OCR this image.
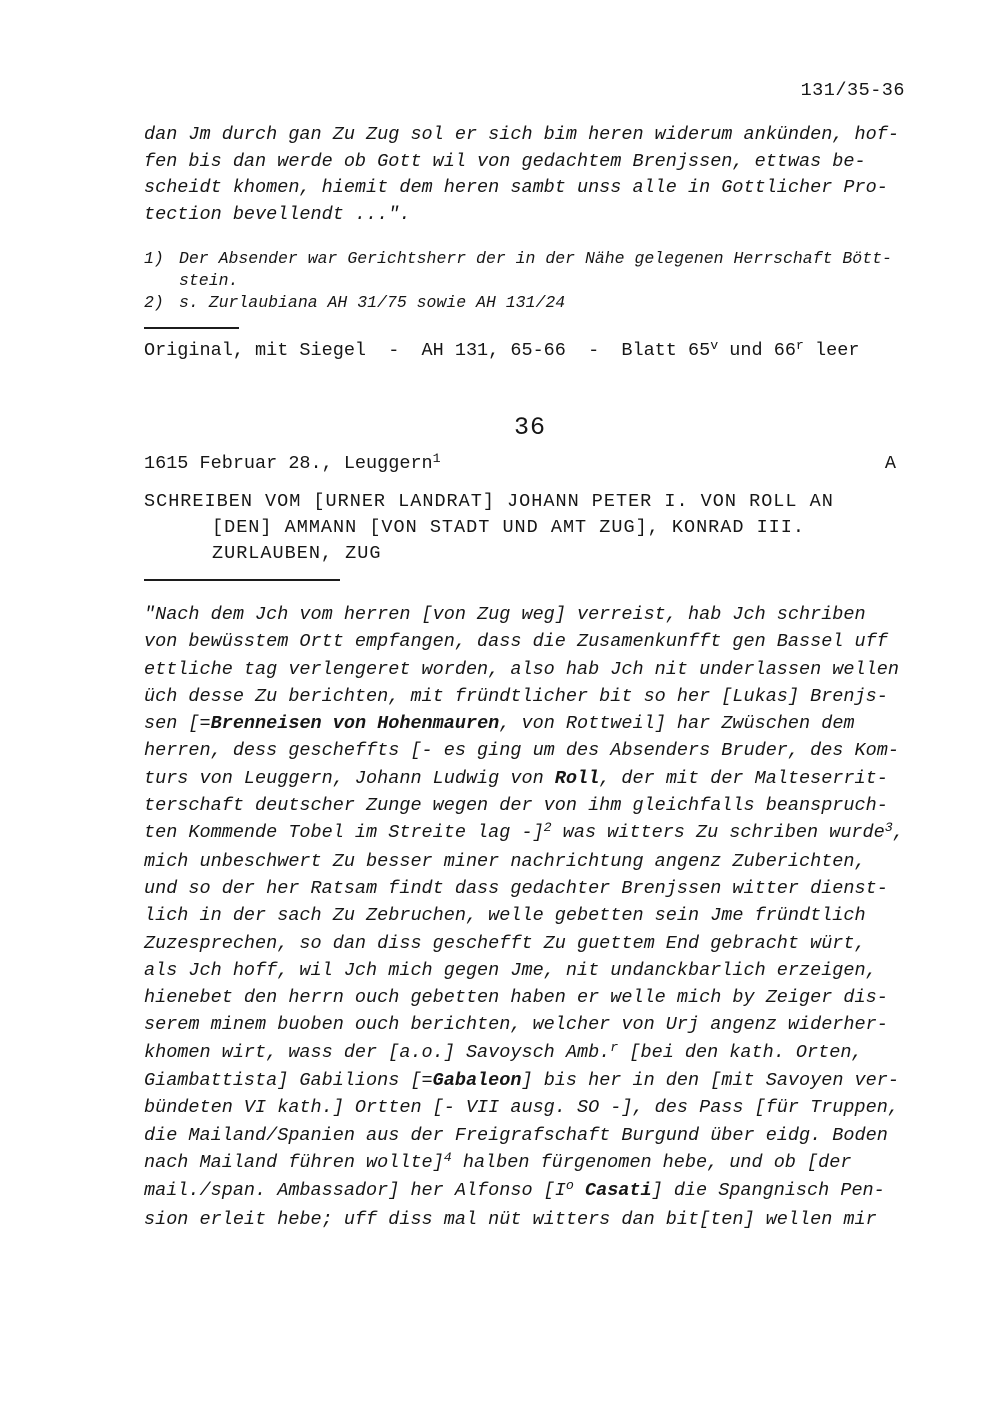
131/35-36
dan Jm durch gan Zu Zug sol er sich bim heren widerum ankünden, hof-
fen bis dan werde ob Gott wil von gedachtem Brenjssen, ettwas be-
scheidt khomen, hiemit dem heren sambt unss alle in Gottlicher Pro-
tection bevellendt ...".
1) Der Absender war Gerichtsherr der in der Nähe gelegenen Herrschaft Bött-
stein.
2) s. Zurlaubiana AH 31/75 sowie AH 131/24
Original, mit Siegel  -  AH 131, 65-66  -  Blatt 65$^v$ und 66$^r$ leer
36
1615 Februar 28., Leuggern$^1$	A
SCHREIBEN VOM [URNER LANDRAT] JOHANN PETER I. VON ROLL AN
[DEN] AMMANN [VON STADT UND AMT ZUG], KONRAD III.
ZURLAUBEN, ZUG
"Nach dem Jch vom herren [von Zug weg] verreist, hab Jch schriben
von bewüsstem Ortt empfangen, dass die Zusamenkunfft gen Bassel uff
ettliche tag verlengeret worden, also hab Jch nit underlassen wellen
üch desse Zu berichten, mit fründtlicher bit so her [Lukas] Brenjs-
sen [=Brenneisen von Hohenmauren, von Rottweil] har Zwüschen dem
herren, dess gescheffts [- es ging um des Absenders Bruder, des Kom-
turs von Leuggern, Johann Ludwig von Roll, der mit der Malteserrit-
terschaft deutscher Zunge wegen der von ihm gleichfalls beanspruch-
ten Kommende Tobel im Streite lag -]$^2$ was witters Zu schriben wurde$^3$,
mich unbeschwert Zu besser miner nachrichtung angenz Zuberichten,
und so der her Ratsam findt dass gedachter Brenjssen witter dienst-
lich in der sach Zu Zebruchen, welle gebetten sein Jme fründtlich
Zuzesprechen, so dan diss geschefft Zu guettem End gebracht würt,
als Jch hoff, wil Jch mich gegen Jme, nit undanckbarlich erzeigen,
hienebet den herrn ouch gebetten haben er welle mich by Zeiger dis-
serem minem buoben ouch berichten, welcher von Urj angenz widerher-
khomen wirt, wass der [a.o.] Savoysch Amb.$^r$ [bei den kath. Orten,
Giambattista] Gabilions [=Gabaleon] bis her in den [mit Savoyen ver-
bündeten VI kath.] Ortten [- VII ausg. SO -], des Pass [für Truppen,
die Mailand/Spanien aus der Freigrafschaft Burgund über eidg. Boden
nach Mailand führen wollte]$^4$ halben fürgenomen hebe, und ob [der
mail./span. Ambassador] her Alfonso [$I^o$ Casati] die Spangnisch Pen-
sion erleit hebe; uff diss mal nüt witters dan bit[ten] wellen mir
